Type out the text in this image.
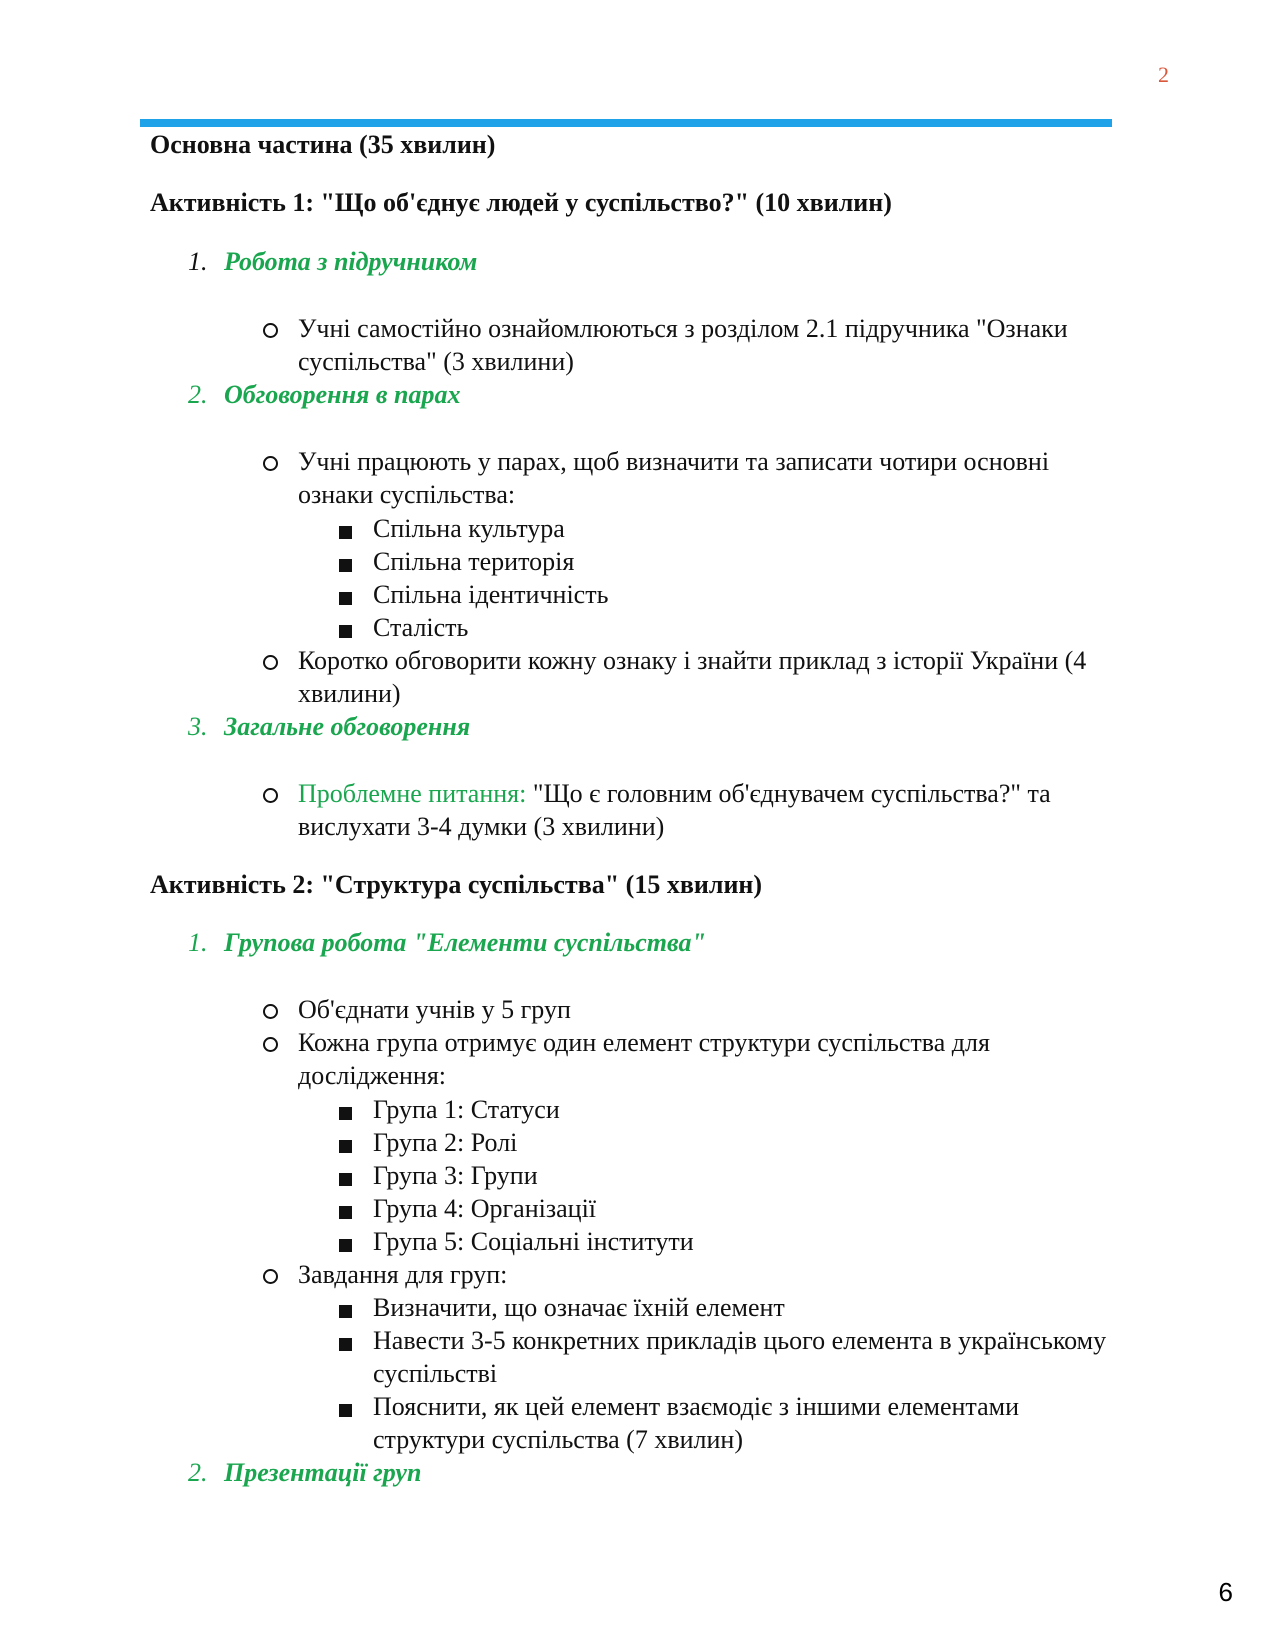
2
Основна частина (35 хвилин)
Активність 1: "Що об'єднує людей у суспільство?" (10 хвилин)
1. Робота з підручником
Учні самостійно ознайомлюються з розділом 2.1 підручника "Ознаки
суспільства" (3 хвилини)
2. Обговорення в парах
Учні працюють у парах, щоб визначити та записати чотири основні
ознаки суспільства:
Спільна культура
Спільна територія
Спільна ідентичність
Сталість
Коротко обговорити кожну ознаку і знайти приклад з історії України (4
хвилини)
3. Загальне обговорення
Проблемне питання: "Що є головним об'єднувачем суспільства?" та
вислухати 3-4 думки (3 хвилини)
Активність 2: "Структура суспільства" (15 хвилин)
1. Групова робота "Елементи суспільства"
Об'єднати учнів у 5 груп
Кожна група отримує один елемент структури суспільства для
дослідження:
Група 1: Статуси
Група 2: Ролі
Група 3: Групи
Група 4: Організації
Група 5: Соціальні інститути
Завдання для груп:
Визначити, що означає їхній елемент
Навести 3-5 конкретних прикладів цього елемента в українському
суспільстві
Пояснити, як цей елемент взаємодіє з іншими елементами
структури суспільства (7 хвилин)
2. Презентації груп
6
